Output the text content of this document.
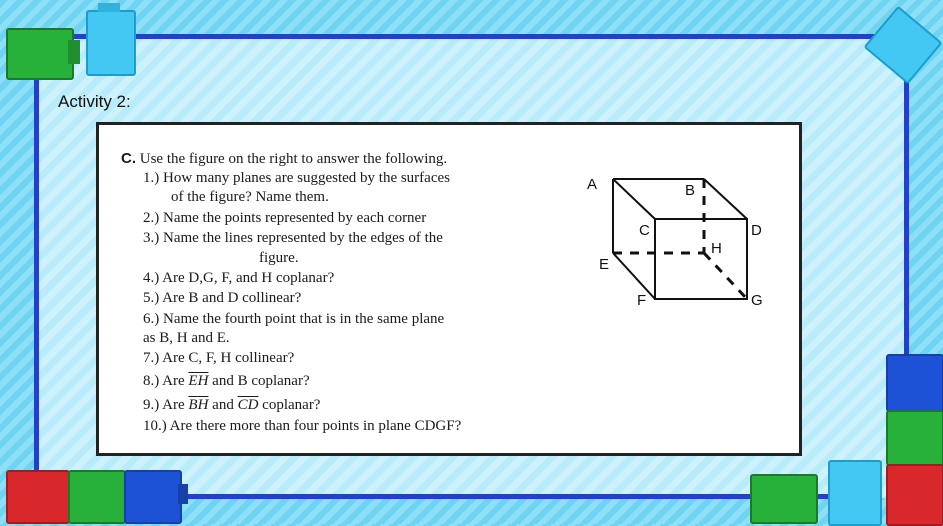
Activity 2:
C. Use the figure on the right to answer the following.
1.) How many planes are suggested by the surfaces
of the figure? Name them.
2.) Name the points represented by each corner
3.) Name the lines represented by the edges of the
figure.
4.) Are D,G, F, and H coplanar?
5.) Are B and D collinear?
6.) Name the fourth point that is in the same plane
as B, H and E.
7.) Are C, F, H collinear?
8.) Are $\overline{EH}$ and B coplanar?
9.) Are $\overline{BH}$ and $\overline{CD}$ coplanar?
10.) Are there more than four points in plane CDGF?
A	B
C	D
E
H
F	G
